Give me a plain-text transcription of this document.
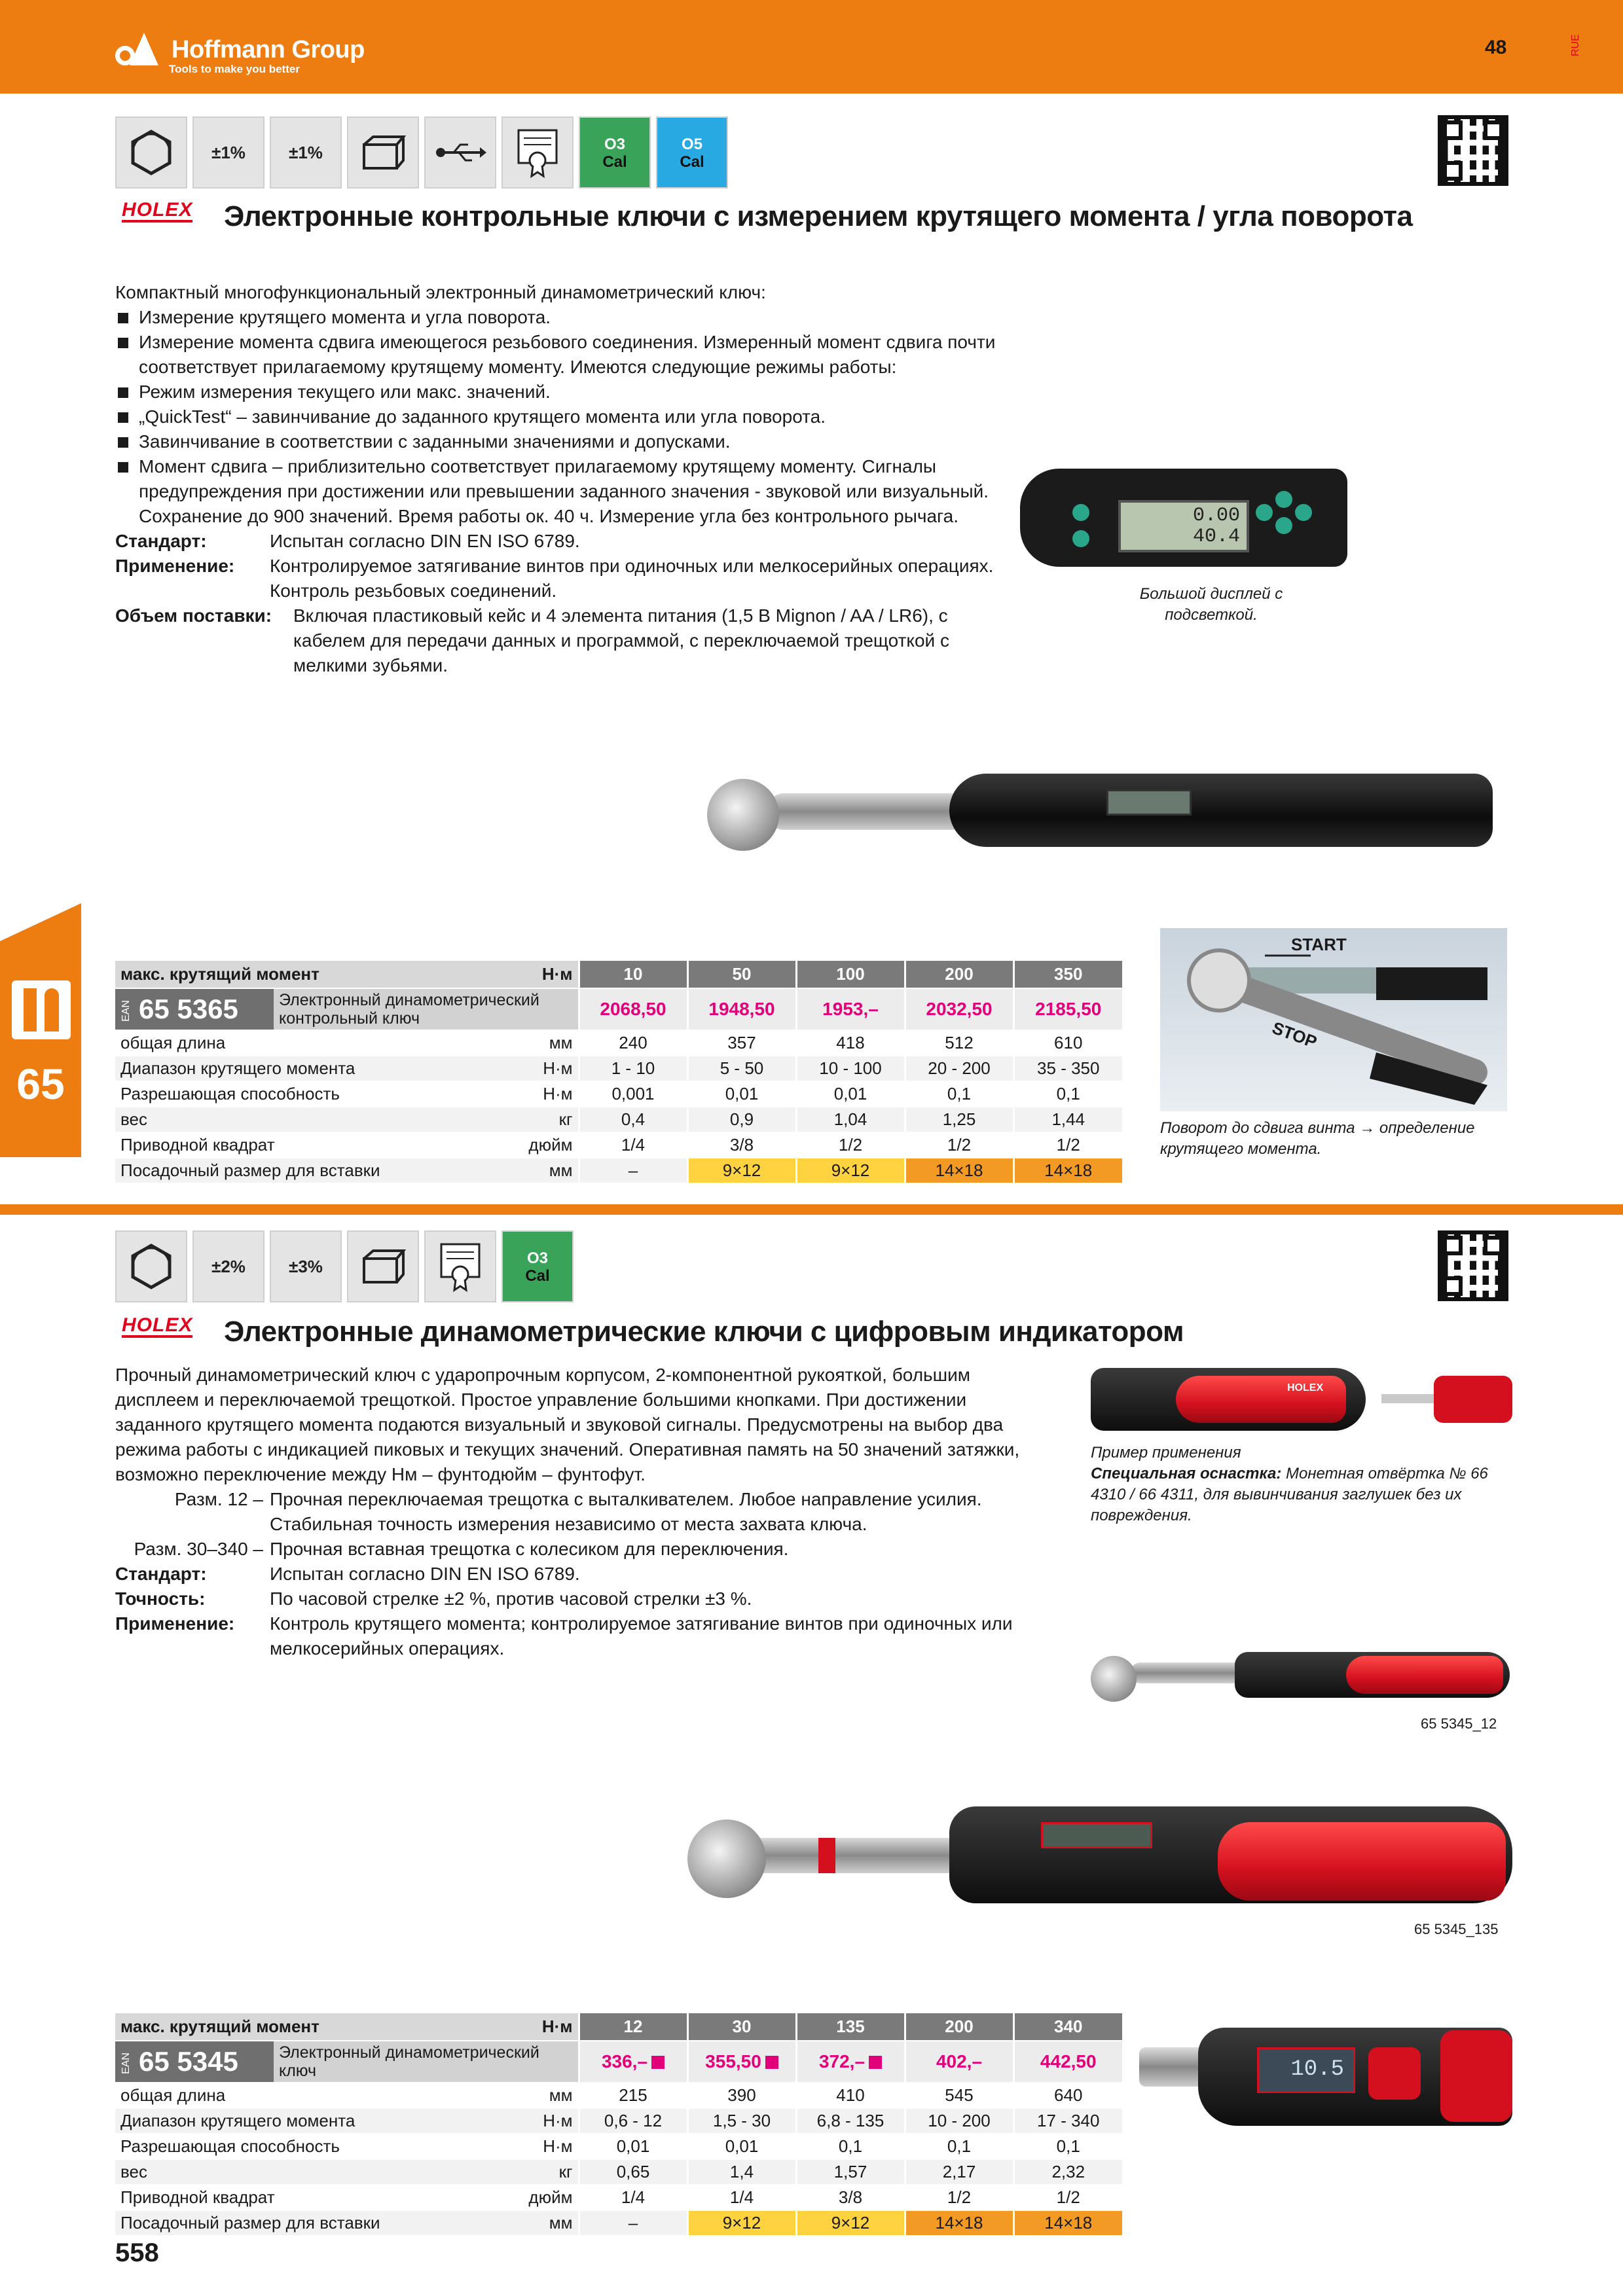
Hoffmann Group
Tools to make you better
48	RUE
65
±1%	±1%	O3
Cal
O5
Cal
HOLEX Электронные контрольные ключи с измерением крутящего момента / угла поворота
Компактный многофункциональный электронный динамометрический ключ:
Измерение крутящего момента и угла поворота.
Измерение момента сдвига имеющегося резьбового соединения. Измеренный момент сдвига почти соответствует прилагаемому крутящему моменту. Имеются следующие режимы работы:
Режим измерения текущего или макс. значений.
„QuickTest“ – завинчивание до заданного крутящего момента или угла поворота.
Завинчивание в соответствии с заданными значениями и допусками.
Момент сдвига – приблизительно соответствует прилагаемому крутящему моменту. Сигналы предупреждения при достижении или превышении заданного значения - звуковой или визуальный. Сохранение до 900 значений. Время работы ок. 40 ч. Измерение угла без контрольного рычага.
Стандарт:	Испытан согласно DIN EN ISO 6789.
Применение:	Контролируемое затягивание винтов при одиночных или мелкосерийных операциях. Контроль резьбовых соединений.
Объем поставки:	Включая пластиковый кейс и 4 элемента питания (1,5 В Mignon / AA / LR6), с кабелем для передачи данных и программой, с переключаемой трещоткой с мелкими зубьями.
0.00
40.4
Большой дисплей с подсветкой.
START
STOP
Поворот до сдвига винта → определение крутящего момента.
макс. крутящий момент		Н·м	10	50	100	200	350
EAN 65 5365	Электронный динамометрический контрольный ключ		2068,50	1948,50	1953,–	2032,50	2185,50
общая длина		мм	240	357	418	512	610
Диапазон крутящего момента		Н·м	1 - 10	5 - 50	10 - 100	20 - 200	35 - 350
Разрешающая способность		Н·м	0,001	0,01	0,01	0,1	0,1
вес		кг	0,4	0,9	1,04	1,25	1,44
Приводной квадрат		дюйм	1/4	3/8	1/2	1/2	1/2
Посадочный размер для вставки		мм	–	9×12	9×12	14×18	14×18
±2%	±3%	O3
Cal
HOLEX Электронные динамометрические ключи с цифровым индикатором
Прочный динамометрический ключ с ударопрочным корпусом, 2-компонентной рукояткой, большим дисплеем и переключаемой трещоткой. Простое управление большими кнопками. При достижении заданного крутящего момента подаются визуальный и звуковой сигналы. Предусмотрены на выбор два режима работы с индикацией пиковых и текущих значений. Оперативная память на 50 значений затяжки, возможно переключение между Нм – фунтодюйм – фунтофут.
Разм. 12 – Прочная переключаемая трещотка с выталкивателем. Любое направление усилия. Стабильная точность измерения независимо от места захвата ключа.
Разм. 30–340 – Прочная вставная трещотка с колесиком для переключения.
Стандарт:	Испытан согласно DIN EN ISO 6789.
Точность:	По часовой стрелке ±2 %, против часовой стрелки ±3 %.
Применение:	Контроль крутящего момента; контролируемое затягивание винтов при одиночных или мелкосерийных операциях.
HOLEX
Пример применения
Специальная оснастка: Монетная отвёртка № 66 4310 / 66 4311, для вывинчивания заглушек без их повреждения.
65 5345_12
65 5345_135
10.5
макс. крутящий момент		Н·м	12	30	135	200	340
EAN 65 5345	Электронный динамометрический ключ		336,–	355,50	372,–	402,–	442,50
общая длина		мм	215	390	410	545	640
Диапазон крутящего момента		Н·м	0,6 - 12	1,5 - 30	6,8 - 135	10 - 200	17 - 340
Разрешающая способность		Н·м	0,01	0,01	0,1	0,1	0,1
вес		кг	0,65	1,4	1,57	2,17	2,32
Приводной квадрат		дюйм	1/4	1/4	3/8	1/2	1/2
Посадочный размер для вставки		мм	–	9×12	9×12	14×18	14×18
558
